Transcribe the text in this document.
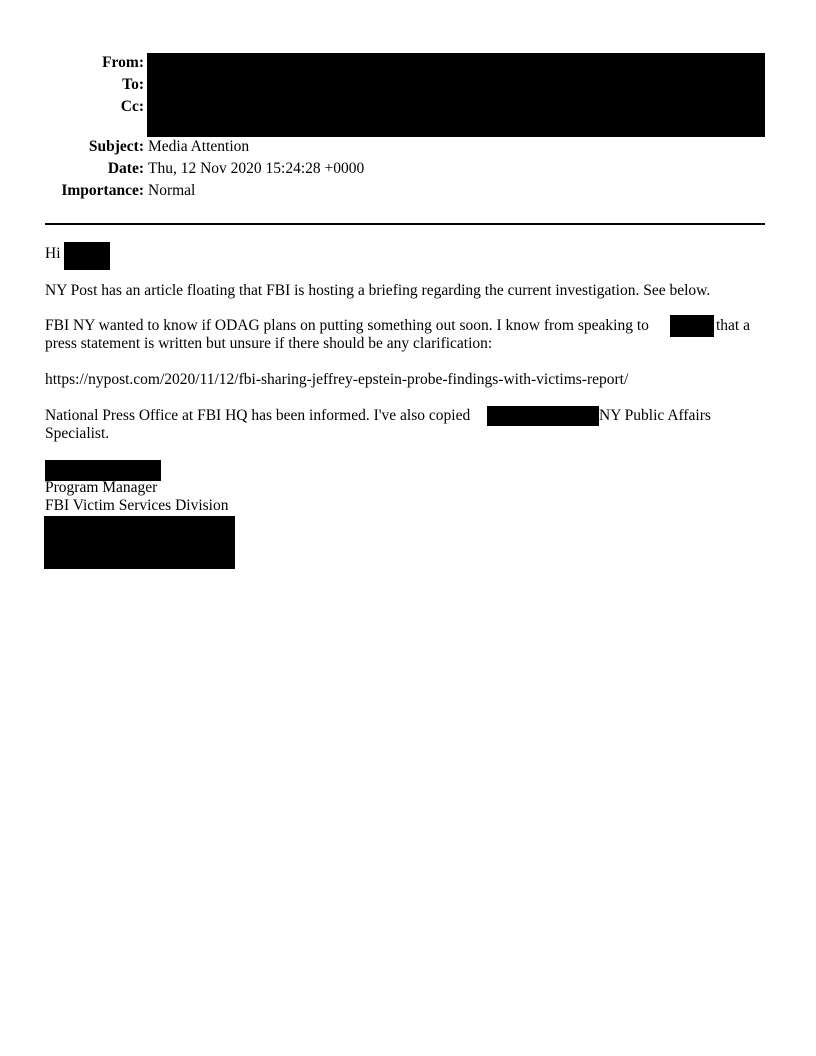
From:
To:
Cc:
Subject: Media Attention
Date: Thu, 12 Nov 2020 15:24:28 +0000
Importance: Normal
Hi
NY Post has an article floating that FBI is hosting a briefing regarding the current investigation. See below.
FBI NY wanted to know if ODAG plans on putting something out soon. I know from speaking to	that a
press statement is written but unsure if there should be any clarification:
https://nypost.com/2020/11/12/fbi-sharing-jeffrey-epstein-probe-findings-with-victims-report/
National Press Office at FBI HQ has been informed. I've also copied	NY Public Affairs
Specialist.
Program Manager
FBI Victim Services Division
